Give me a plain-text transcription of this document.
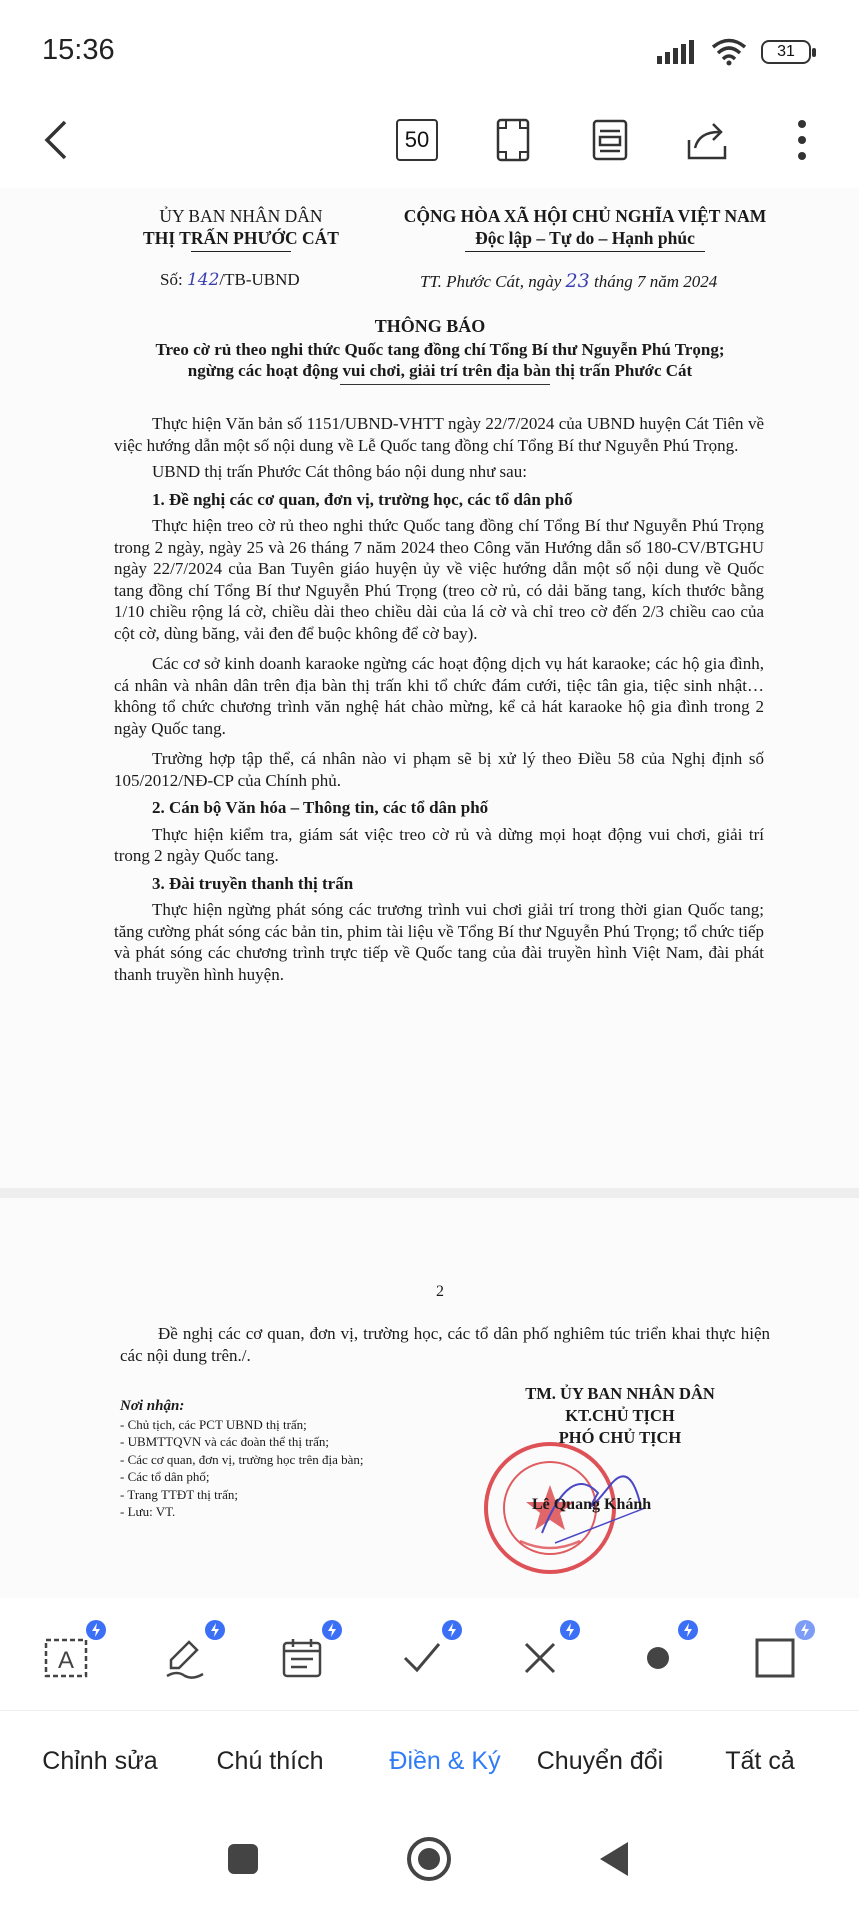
15:36	31
50
ỦY BAN NHÂN DÂN
THỊ TRẤN PHƯỚC CÁT
CỘNG HÒA XÃ HỘI CHỦ NGHĨA VIỆT NAM
Độc lập – Tự do – Hạnh phúc
Số: 142/TB-UBND	TT. Phước Cát, ngày 23 tháng 7 năm 2024
THÔNG BÁO
Treo cờ rủ theo nghi thức Quốc tang đồng chí Tổng Bí thư Nguyễn Phú Trọng;
ngừng các hoạt động vui chơi, giải trí trên địa bàn thị trấn Phước Cát
Thực hiện Văn bản số 1151/UBND-VHTT ngày 22/7/2024 của UBND huyện Cát Tiên về việc hướng dẫn một số nội dung về Lễ Quốc tang đồng chí Tổng Bí thư Nguyễn Phú Trọng.
UBND thị trấn Phước Cát thông báo nội dung như sau:
1. Đề nghị các cơ quan, đơn vị, trường học, các tổ dân phố
Thực hiện treo cờ rủ theo nghi thức Quốc tang đồng chí Tổng Bí thư Nguyễn Phú Trọng trong 2 ngày, ngày 25 và 26 tháng 7 năm 2024 theo Công văn Hướng dẫn số 180-CV/BTGHU ngày 22/7/2024 của Ban Tuyên giáo huyện ủy về việc hướng dẫn một số nội dung về Quốc tang đồng chí Tổng Bí thư Nguyễn Phú Trọng (treo cờ rủ, có dải băng tang, kích thước bằng 1/10 chiều rộng lá cờ, chiều dài theo chiều dài của lá cờ và chỉ treo cờ đến 2/3 chiều cao của cột cờ, dùng băng, vải đen để buộc không để cờ bay).
Các cơ sở kinh doanh karaoke ngừng các hoạt động dịch vụ hát karaoke; các hộ gia đình, cá nhân và nhân dân trên địa bàn thị trấn khi tổ chức đám cưới, tiệc tân gia, tiệc sinh nhật… không tổ chức chương trình văn nghệ hát chào mừng, kể cả hát karaoke hộ gia đình trong 2 ngày Quốc tang.
Trường hợp tập thể, cá nhân nào vi phạm sẽ bị xử lý theo Điều 58 của Nghị định số 105/2012/NĐ-CP của Chính phủ.
2. Cán bộ Văn hóa – Thông tin, các tổ dân phố
Thực hiện kiểm tra, giám sát việc treo cờ rủ và dừng mọi hoạt động vui chơi, giải trí trong 2 ngày Quốc tang.
3. Đài truyền thanh thị trấn
Thực hiện ngừng phát sóng các trương trình vui chơi giải trí trong thời gian Quốc tang; tăng cường phát sóng các bản tin, phim tài liệu về Tổng Bí thư Nguyễn Phú Trọng; tổ chức tiếp và phát sóng các chương trình trực tiếp về Quốc tang của đài truyền hình Việt Nam, đài phát thanh truyền hình huyện.
2
Đề nghị các cơ quan, đơn vị, trường học, các tổ dân phố nghiêm túc triển khai thực hiện các nội dung trên./.
Nơi nhận:
- Chủ tịch, các PCT UBND thị trấn;
- UBMTTQVN và các đoàn thể thị trấn;
- Các cơ quan, đơn vị, trường học trên địa bàn;
- Các tổ dân phố;
- Trang TTĐT thị trấn;
- Lưu: VT.
TM. ỦY BAN NHÂN DÂN
KT.CHỦ TỊCH
PHÓ CHỦ TỊCH
Lê Quang Khánh
A
Chỉnh sửa	Chú thích	Điền & Ký	Chuyển đổi	Tất cả
